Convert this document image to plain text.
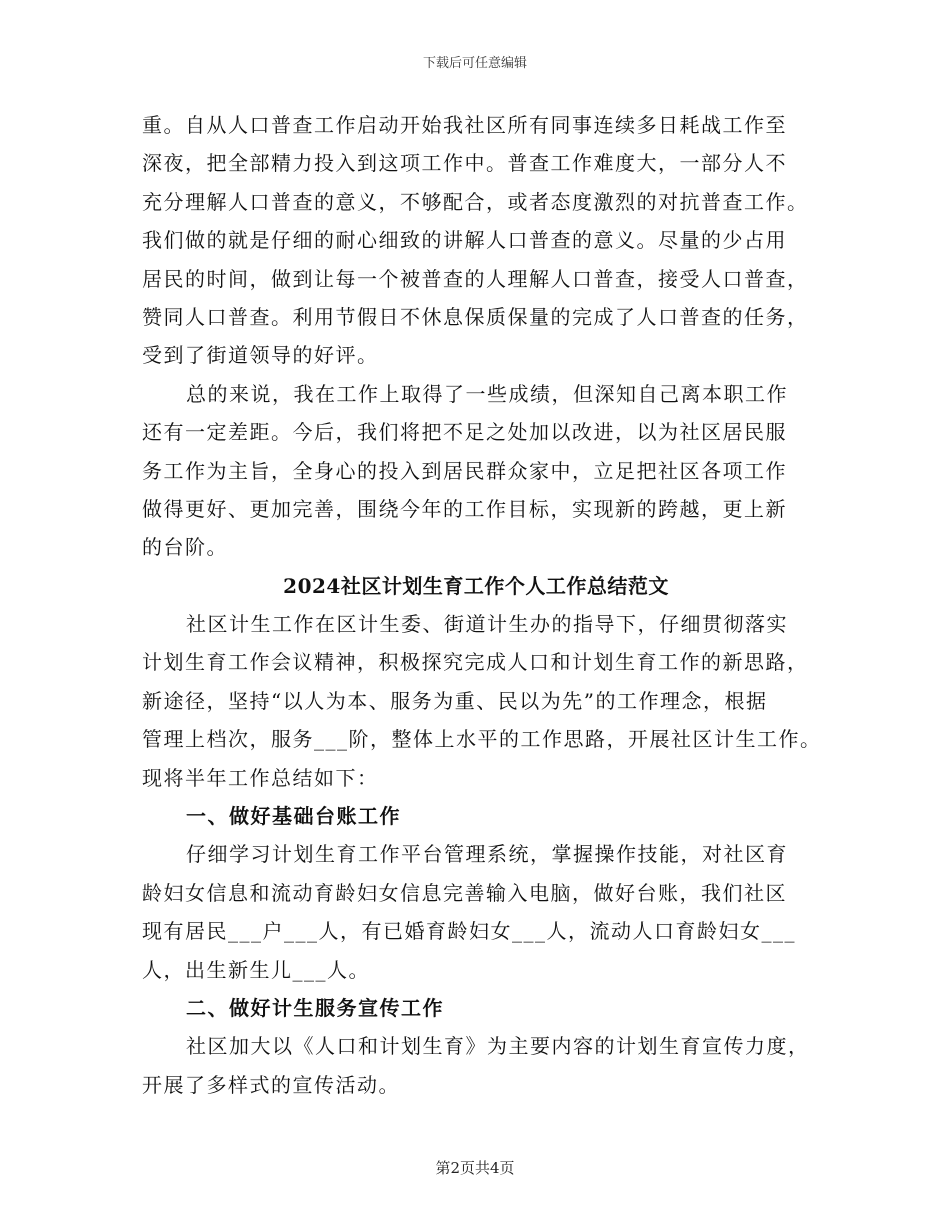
下载后可任意编辑
重。自从人口普查工作启动开始我社区所有同事连续多日耗战工作至
深夜，把全部精力投入到这项工作中。普查工作难度大，一部分人不
充分理解人口普查的意义，不够配合，或者态度激烈的对抗普查工作。
我们做的就是仔细的耐心细致的讲解人口普查的意义。尽量的少占用
居民的时间，做到让每一个被普查的人理解人口普查，接受人口普查，
赞同人口普查。利用节假日不休息保质保量的完成了人口普查的任务，
受到了街道领导的好评。
总的来说，我在工作上取得了一些成绩，但深知自己离本职工作
还有一定差距。今后，我们将把不足之处加以改进，以为社区居民服
务工作为主旨，全身心的投入到居民群众家中，立足把社区各项工作
做得更好、更加完善，围绕今年的工作目标，实现新的跨越，更上新
的台阶。
2024社区计划生育工作个人工作总结范文
社区计生工作在区计生委、街道计生办的指导下，仔细贯彻落实
计划生育工作会议精神，积极探究完成人口和计划生育工作的新思路，
新途径，坚持“以人为本、服务为重、民以为先”的工作理念，根据
管理上档次，服务___阶，整体上水平的工作思路，开展社区计生工作。
现将半年工作总结如下：
一、做好基础台账工作
仔细学习计划生育工作平台管理系统，掌握操作技能，对社区育
龄妇女信息和流动育龄妇女信息完善输入电脑，做好台账，我们社区
现有居民___户___人，有已婚育龄妇女___人，流动人口育龄妇女___
人，出生新生儿___人。
二、做好计生服务宣传工作
社区加大以《人口和计划生育》为主要内容的计划生育宣传力度，
开展了多样式的宣传活动。
第2页共4页
